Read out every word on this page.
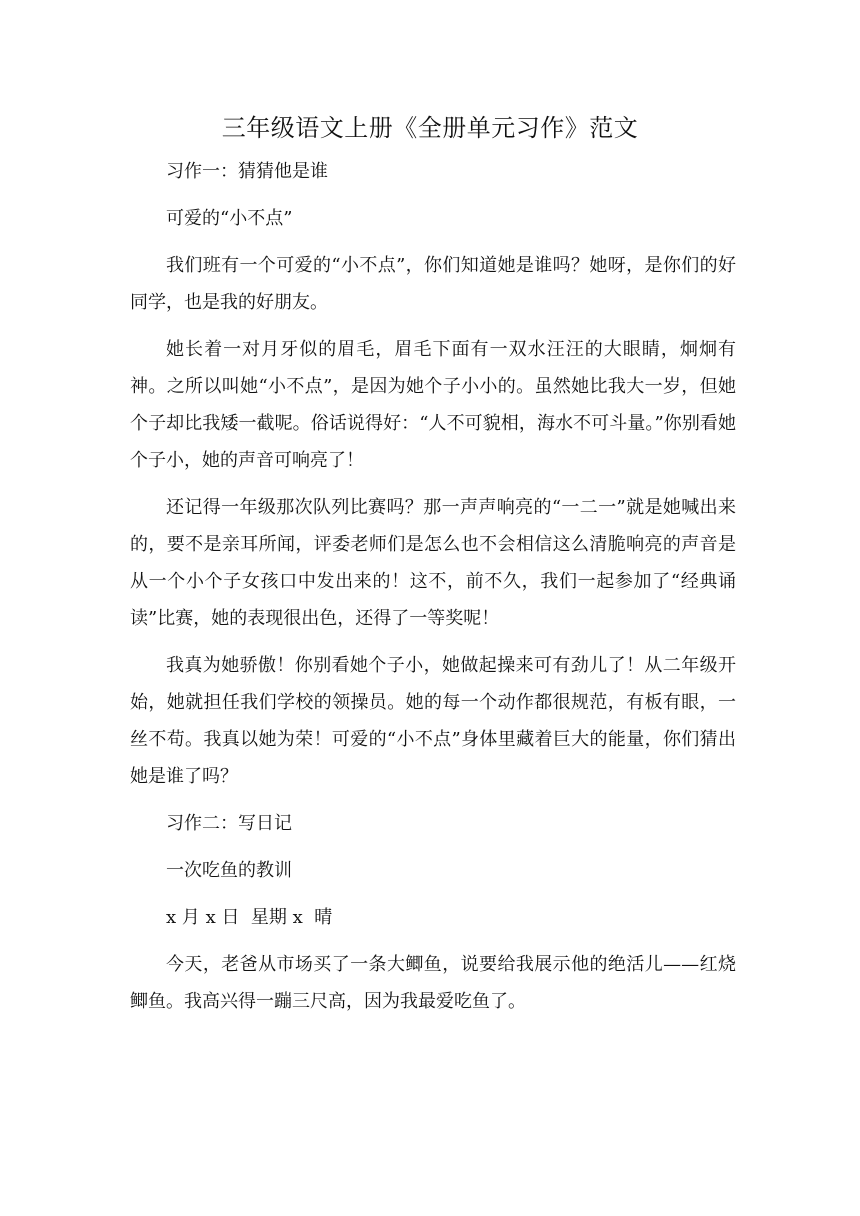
三年级语文上册《全册单元习作》范文

习作一：猜猜他是谁

可爱的“小不点”

我们班有一个可爱的“小不点”，你们知道她是谁吗？她呀，是你们的好同学，也是我的好朋友。

她长着一对月牙似的眉毛，眉毛下面有一双水汪汪的大眼睛，炯炯有神。之所以叫她“小不点”，是因为她个子小小的。虽然她比我大一岁，但她个子却比我矮一截呢。俗话说得好：“人不可貌相，海水不可斗量。”你别看她个子小，她的声音可响亮了！

还记得一年级那次队列比赛吗？那一声声响亮的“一二一”就是她喊出来的，要不是亲耳所闻，评委老师们是怎么也不会相信这么清脆响亮的声音是从一个小个子女孩口中发出来的！这不，前不久，我们一起参加了“经典诵读”比赛，她的表现很出色，还得了一等奖呢！

我真为她骄傲！你别看她个子小，她做起操来可有劲儿了！从二年级开始，她就担任我们学校的领操员。她的每一个动作都很规范，有板有眼，一丝不苟。我真以她为荣！可爱的“小不点”身体里藏着巨大的能量，你们猜出她是谁了吗？

习作二：写日记

一次吃鱼的教训

x 月 x 日  星期 x  晴

今天，老爸从市场买了一条大鲫鱼，说要给我展示他的绝活儿——红烧鲫鱼。我高兴得一蹦三尺高，因为我最爱吃鱼了。
